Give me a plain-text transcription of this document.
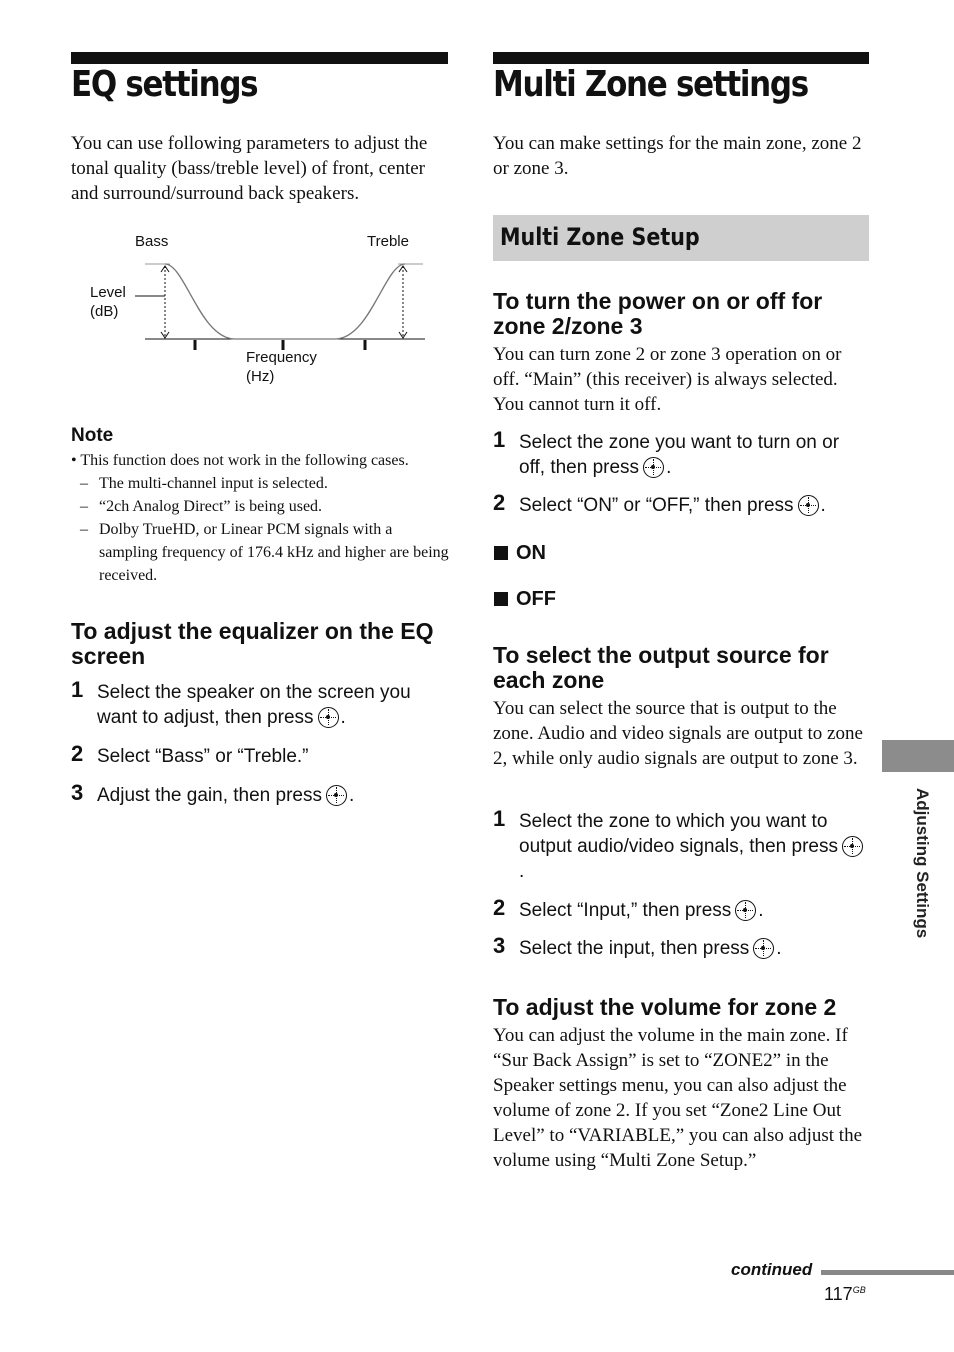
EQ settings

You can use following parameters to adjust the tonal quality (bass/treble level) of front, center and surround/surround back speakers.

Bass	Treble
Level
(dB)
Frequency
(Hz)
Note
• This function does not work in the following cases.
– The multi-channel input is selected.
– “2ch Analog Direct” is being used.
– Dolby TrueHD, or Linear PCM signals with a sampling frequency of 176.4 kHz and higher are being received.
To adjust the equalizer on the EQ screen
1 Select the speaker on the screen you want to adjust, then press .
2 Select “Bass” or “Treble.”
3 Adjust the gain, then press .
Multi Zone settings

You can make settings for the main zone, zone 2 or zone 3.

Multi Zone Setup
To turn the power on or off for zone 2/zone 3

You can turn zone 2 or zone 3 operation on or off. “Main” (this receiver) is always selected. You cannot turn it off.

1 Select the zone you want to turn on or off, then press .
2 Select “ON” or “OFF,” then press .
ON
OFF
To select the output source for each zone

You can select the source that is output to the zone. Audio and video signals are output to zone 2, while only audio signals are output to zone 3.

1 Select the zone to which you want to output audio/video signals, then press
.
2 Select “Input,” then press .
3 Select the input, then press .
To adjust the volume for zone 2

You can adjust the volume in the main zone. If “Sur Back Assign” is set to “ZONE2” in the Speaker settings menu, you can also adjust the volume of zone 2. If you set “Zone2 Line Out Level” to “VARIABLE,” you can also adjust the volume using “Multi Zone Setup.”

Adjusting Settings
continued
$117^{GB}$
